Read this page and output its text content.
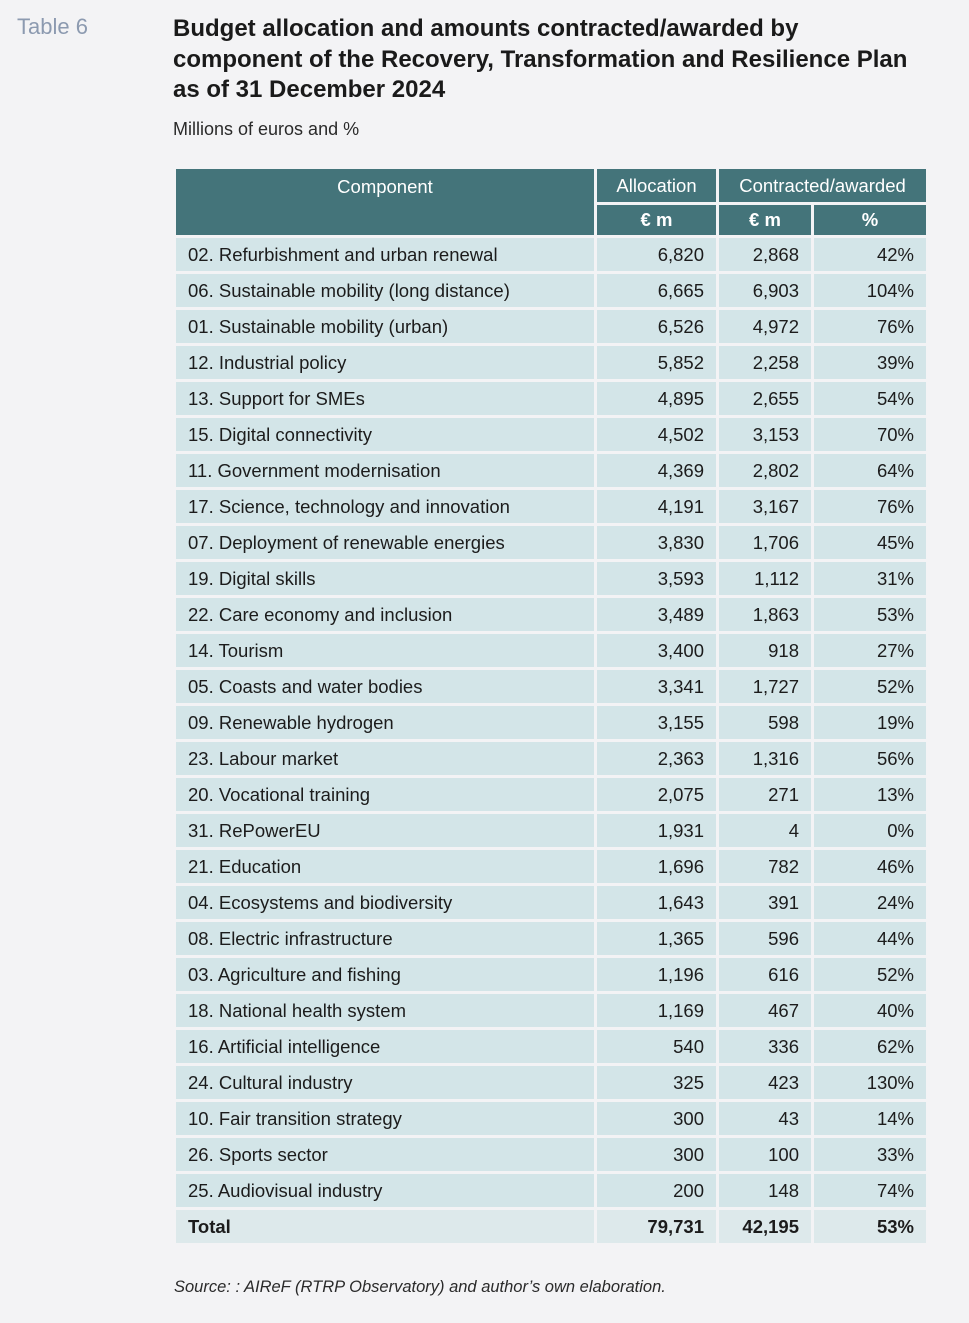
Table 6	Budget allocation and amounts contracted/awarded by component of the Recovery, Transformation and Resilience Plan as of 31 December 2024
Millions of euros and %
Component	Allocation	Contracted/awarded	
	€ m	€ m	%
02. Refurbishment and urban renewal	6,820	2,868	42%
06. Sustainable mobility (long distance)	6,665	6,903	104%
01. Sustainable mobility (urban)	6,526	4,972	76%
12. Industrial policy	5,852	2,258	39%
13. Support for SMEs	4,895	2,655	54%
15. Digital connectivity	4,502	3,153	70%
11. Government modernisation	4,369	2,802	64%
17. Science, technology and innovation	4,191	3,167	76%
07. Deployment of renewable energies	3,830	1,706	45%
19. Digital skills	3,593	1,112	31%
22. Care economy and inclusion	3,489	1,863	53%
14. Tourism	3,400	918	27%
05. Coasts and water bodies	3,341	1,727	52%
09. Renewable hydrogen	3,155	598	19%
23. Labour market	2,363	1,316	56%
20. Vocational training	2,075	271	13%
31. RePowerEU	1,931	4	0%
21. Education	1,696	782	46%
04. Ecosystems and biodiversity	1,643	391	24%
08. Electric infrastructure	1,365	596	44%
03. Agriculture and fishing	1,196	616	52%
18. National health system	1,169	467	40%
16. Artificial intelligence	540	336	62%
24. Cultural industry	325	423	130%
10. Fair transition strategy	300	43	14%
26. Sports sector	300	100	33%
25. Audiovisual industry	200	148	74%
Total	79,731	42,195	53%
Source: : AIReF (RTRP Observatory) and author’s own elaboration.
